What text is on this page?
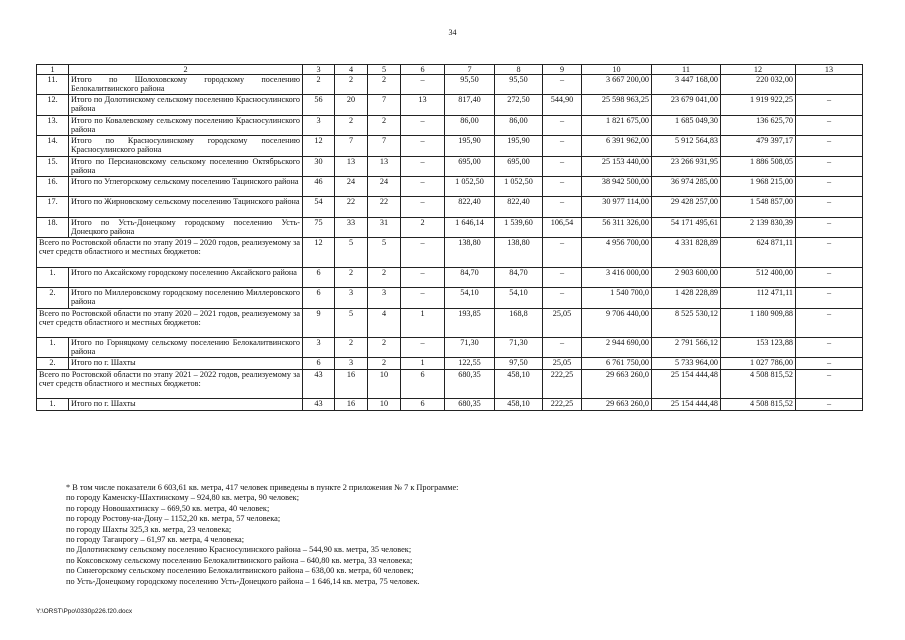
34
1	2	3	4	5	6	7	8	9	10	11	12	13
11.	Итого по Шолоховскому городскому поселению Белокалитвинского района	2	2	2	–	95,50	95,50	–	3 667 200,00	3 447 168,00	220 032,00	
12.	Итого по Долотинскому сельскому поселению Красносулинского района	56	20	7	13	817,40	272,50	544,90	25 598 963,25	23 679 041,00	1 919 922,25	–
13.	Итого по Ковалевскому сельскому поселению Красносулинского района	3	2	2	–	86,00	86,00	–	1 821 675,00	1 685 049,30	136 625,70	–
14.	Итого по Красносулинскому городскому поселению Красносулинского района	12	7	7	–	195,90	195,90	–	6 391 962,00	5 912 564,83	479 397,17	–
15.	Итого по Персиановскому сельскому поселению Октябрьского района	30	13	13	–	695,00	695,00	–	25 153 440,00	23 266 931,95	1 886 508,05	–
16.	Итого по Углегорскому сельскому поселению Тацинского района	46	24	24	–	1 052,50	1 052,50	–	38 942 500,00	36 974 285,00	1 968 215,00	–
17.	Итого по Жирновскому сельскому поселению Тацинского района	54	22	22	–	822,40	822,40	–	30 977 114,00	29 428 257,00	1 548 857,00	–
18.	Итого по Усть-Донецкому городскому поселению Усть-Донецкого района	75	33	31	2	1 646,14	1 539,60	106,54	56 311 326,00	54 171 495,61	2 139 830,39	–
Всего по Ростовской области по этапу 2019 – 2020 годов, реализуемому за счет средств областного и местных бюджетов:		12	5	5	–	138,80	138,80	–	4 956 700,00	4 331 828,89	624 871,11	–
1.	Итого по Аксайскому городскому поселению Аксайского района	6	2	2	–	84,70	84,70	–	3 416 000,00	2 903 600,00	512 400,00	–
2.	Итого по Миллеровскому городскому поселению Миллеровского района	6	3	3	–	54,10	54,10	–	1 540 700,0	1 428 228,89	112 471,11	–
Всего по Ростовской области по этапу 2020 – 2021 годов, реализуемому за счет средств областного и местных бюджетов:		9	5	4	1	193,85	168,8	25,05	9 706 440,00	8 525 530,12	1 180 909,88	–
1.	Итого по Горняцкому сельскому поселению Белокалитвинского района	3	2	2	–	71,30	71,30	–	2 944 690,00	2 791 566,12	153 123,88	–
2.	Итого по г. Шахты	6	3	2	1	122,55	97,50	25,05	6 761 750,00	5 733 964,00	1 027 786,00	–
Всего по Ростовской области по этапу 2021 – 2022 годов, реализуемому за счет средств областного и местных бюджетов:		43	16	10	6	680,35	458,10	222,25	29 663 260,0	25 154 444,48	4 508 815,52	–
1.	Итого по г. Шахты	43	16	10	6	680,35	458,10	222,25	29 663 260,0	25 154 444,48	4 508 815,52	–
* В том числе показатели 6 603,61 кв. метра, 417 человек приведены в пункте 2 приложения № 7 к Программе:
по городу Каменску-Шахтинскому – 924,80 кв. метра, 90 человек;
по городу Новошахтинску – 669,50 кв. метра, 40 человек;
по городу Ростову-на-Дону – 1152,20 кв. метра, 57 человека;
по городу Шахты 325,3 кв. метра, 23 человека;
по городу Таганрогу – 61,97 кв. метра, 4 человека;
по Долотинскому сельскому поселению Красносулинского района – 544,90 кв. метра, 35 человек;
по Коксовскому сельскому поселению Белокалитвинского района – 640,80 кв. метра, 33 человека;
по Синегорскому сельскому поселению Белокалитвинского района – 638,00 кв. метра, 60 человек;
по Усть-Донецкому городскому поселению Усть-Донецкого района – 1 646,14 кв. метра, 75 человек.
Y:\ORST\Ppo\0330p226.f20.docx
